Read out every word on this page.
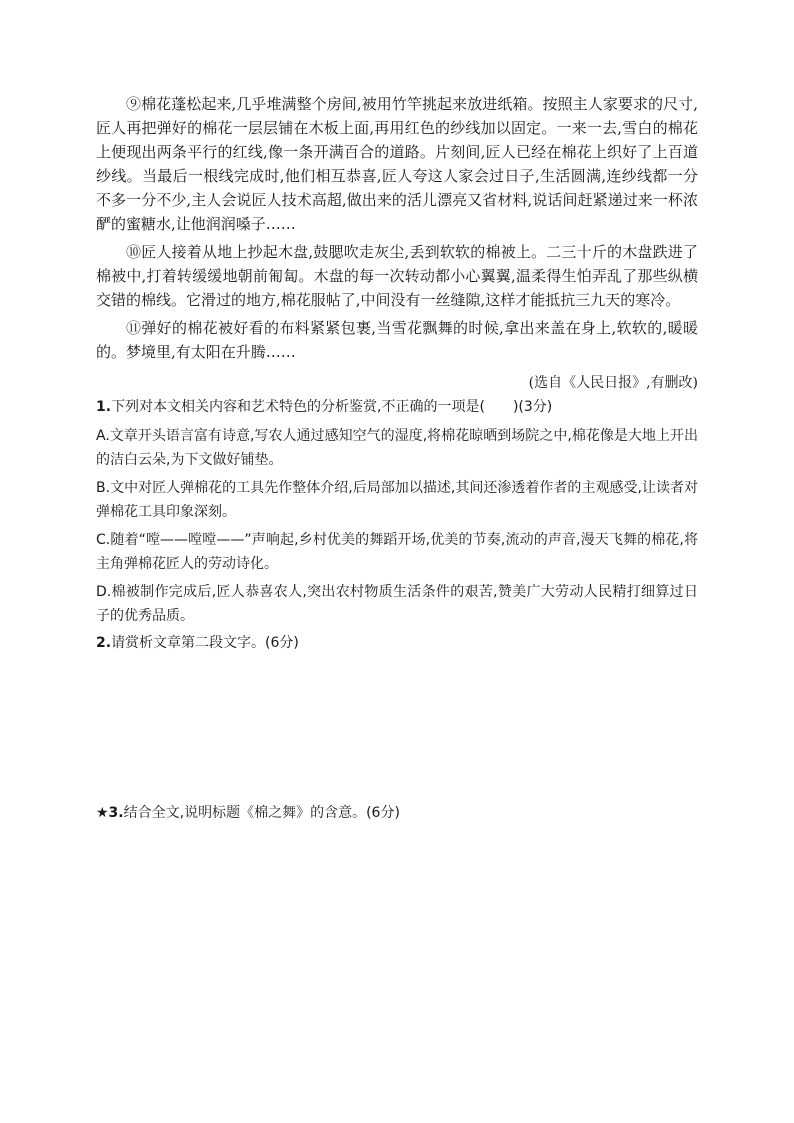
⑨棉花蓬松起来,几乎堆满整个房间,被用竹竿挑起来放进纸箱。按照主人家要求的尺寸,匠人再把弹好的棉花一层层铺在木板上面,再用红色的纱线加以固定。一来一去,雪白的棉花上便现出两条平行的红线,像一条开满百合的道路。片刻间,匠人已经在棉花上织好了上百道纱线。当最后一根线完成时,他们相互恭喜,匠人夸这人家会过日子,生活圆满,连纱线都一分不多一分不少,主人会说匠人技术高超,做出来的活儿漂亮又省材料,说话间赶紧递过来一杯浓酽的蜜糖水,让他润润嗓子……

⑩匠人接着从地上抄起木盘,鼓腮吹走灰尘,丢到软软的棉被上。二三十斤的木盘跌进了棉被中,打着转缓缓地朝前匍匐。木盘的每一次转动都小心翼翼,温柔得生怕弄乱了那些纵横交错的棉线。它滑过的地方,棉花服帖了,中间没有一丝缝隙,这样才能抵抗三九天的寒冷。

⑪弹好的棉花被好看的布料紧紧包裹,当雪花飘舞的时候,拿出来盖在身上,软软的,暖暖的。梦境里,有太阳在升腾……

(选自《人民日报》,有删改)
1.下列对本文相关内容和艺术特色的分析鉴赏,不正确的一项是(　　)(3分)
A.文章开头语言富有诗意,写农人通过感知空气的湿度,将棉花晾晒到场院之中,棉花像是大地上开出的洁白云朵,为下文做好铺垫。
B.文中对匠人弹棉花的工具先作整体介绍,后局部加以描述,其间还渗透着作者的主观感受,让读者对弹棉花工具印象深刻。
C.随着“嘡——嘡嘡——”声响起,乡村优美的舞蹈开场,优美的节奏,流动的声音,漫天飞舞的棉花,将主角弹棉花匠人的劳动诗化。
D.棉被制作完成后,匠人恭喜农人,突出农村物质生活条件的艰苦,赞美广大劳动人民精打细算过日子的优秀品质。
2.请赏析文章第二段文字。(6分)
★3.结合全文,说明标题《棉之舞》的含意。(6分)
